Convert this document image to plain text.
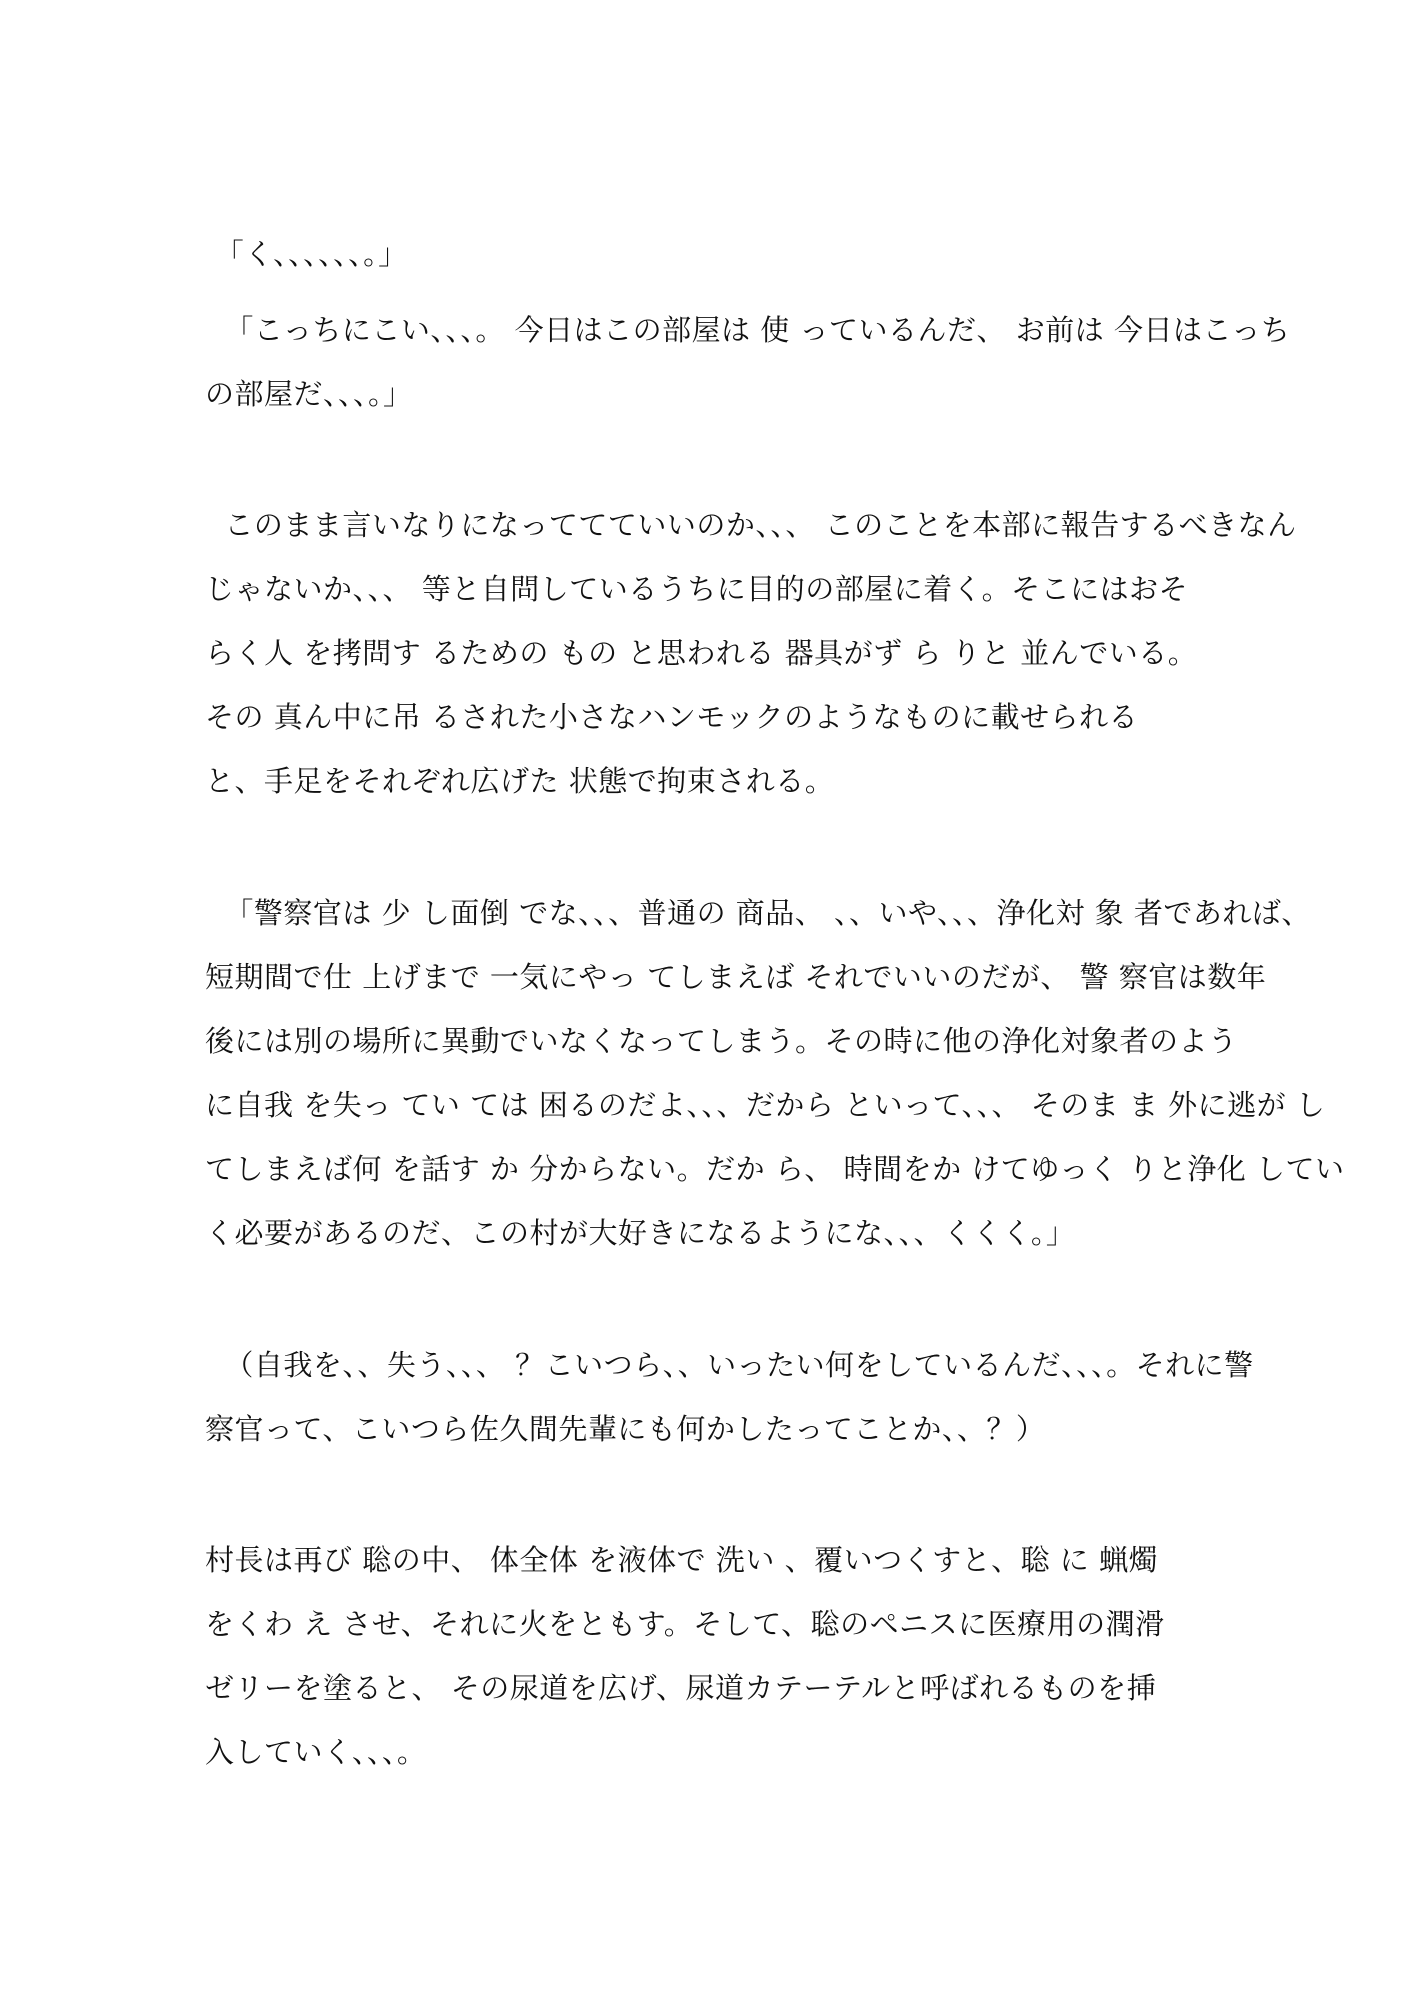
「く、、、、、、。」
「こっちにこい、、、。 今日はこの部屋は 使 っているんだ、 お前は 今日はこっち
の部屋だ、、、。」
このまま言いなりになっててていいのか、、、 このことを本部に報告するべきなん
じゃないか、、、 等と自問しているうちに目的の部屋に着く。そこにはおそ
らく人 を拷問す るための もの と思われる 器具がず ら りと 並んでいる。
その 真ん中に吊 るされた小さなハンモックのようなものに載せられる
と、手足をそれぞれ広げた 状態で拘束される。
「警察官は 少 し面倒 でな、、、普通の 商品、 、、いや、、、浄化対 象 者であれば、
短期間で仕 上げまで 一気にやっ てしまえば それでいいのだが、 警 察官は数年
後には別の場所に異動でいなくなってしまう。その時に他の浄化対象者のよう
に自我 を失っ てい ては 困るのだよ、、、だから といって、、、 そのま ま 外に逃が し
てしまえば何 を話す か 分からない。だか ら、 時間をか けてゆっく りと浄化 してい
く必要があるのだ、この村が大好きになるようにな、、、くくく。」
（自我を、、失う、、、 ？こいつら、、いったい何をしているんだ、、、。それに警
察官って、こいつら佐久間先輩にも何かしたってことか、、？）
村長は再び 聡の中、 体全体 を液体で 洗い 、覆いつくすと、聡 に 蝋燭
をくわ え させ、それに火をともす。そして、聡のペニスに医療用の潤滑
ゼリーを塗ると、 その尿道を広げ、尿道カテーテルと呼ばれるものを挿
入していく、、、。
